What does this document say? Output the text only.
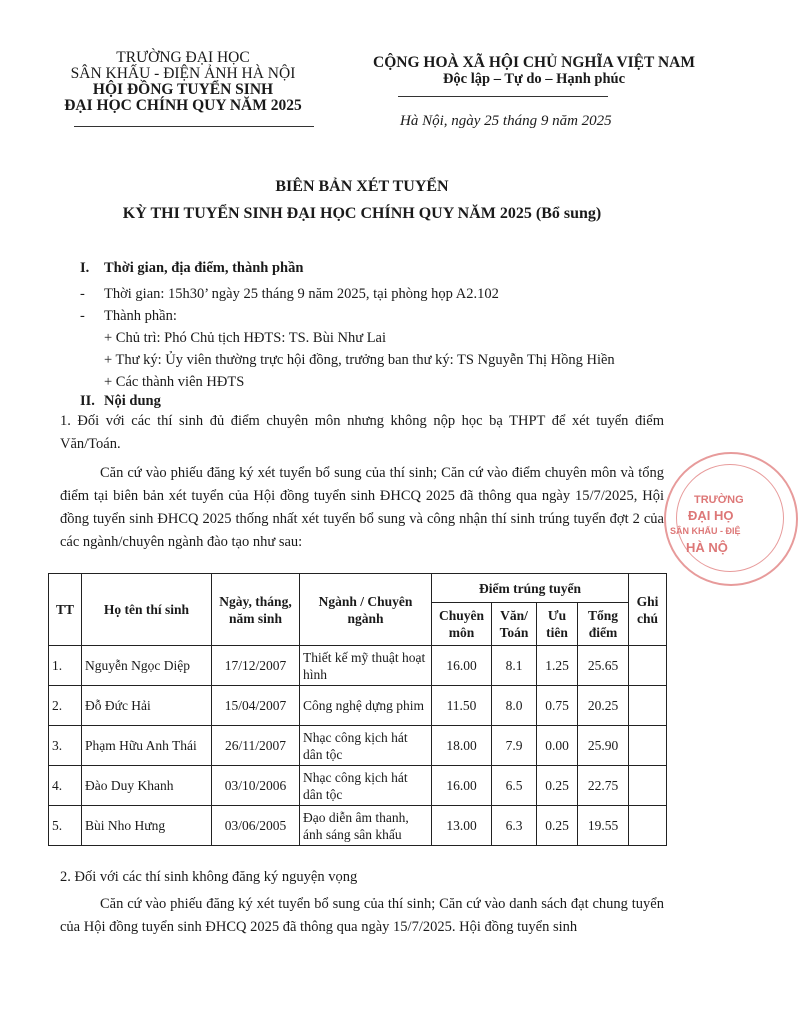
TRƯỜNG ĐẠI HỌC
SÂN KHẤU - ĐIỆN ẢNH HÀ NỘI
HỘI ĐỒNG TUYỂN SINH
ĐẠI HỌC CHÍNH QUY NĂM 2025
CỘNG HOÀ XÃ HỘI CHỦ NGHĨA VIỆT NAM
Độc lập – Tự do – Hạnh phúc
Hà Nội, ngày 25 tháng 9 năm 2025
BIÊN BẢN XÉT TUYỂN
KỲ THI TUYỂN SINH ĐẠI HỌC CHÍNH QUY NĂM 2025 (Bổ sung)
I. Thời gian, địa điểm, thành phần
- Thời gian: 15h30’ ngày 25 tháng 9 năm 2025, tại phòng họp A2.102
- Thành phần:
+ Chủ trì: Phó Chủ tịch HĐTS: TS. Bùi Như Lai
+ Thư ký: Ủy viên thường trực hội đồng, trưởng ban thư ký: TS Nguyễn Thị Hồng Hiền
+ Các thành viên HĐTS
II. Nội dung
1. Đối với các thí sinh đủ điểm chuyên môn nhưng không nộp học bạ THPT để xét tuyển điểm Văn/Toán.
Căn cứ vào phiếu đăng ký xét tuyển bổ sung của thí sinh; Căn cứ vào điểm chuyên môn và tổng điểm tại biên bản xét tuyển của Hội đồng tuyển sinh ĐHCQ 2025 đã thông qua ngày 15/7/2025, Hội đồng tuyển sinh ĐHCQ 2025 thống nhất xét tuyển bổ sung và công nhận thí sinh trúng tuyển đợt 2 của các ngành/chuyên ngành đào tạo như sau:
TT	Họ tên thí sinh	Ngày, tháng, năm sinh	Ngành / Chuyên ngành	Điểm trúng tuyển				Ghi chú
				Chuyên môn	Văn/ Toán	Ưu tiên	Tổng điểm	
1.	Nguyễn Ngọc Diệp	17/12/2007	Thiết kế mỹ thuật hoạt hình	16.00	8.1	1.25	25.65	
2.	Đỗ Đức Hải	15/04/2007	Công nghệ dựng phim	11.50	8.0	0.75	20.25	
3.	Phạm Hữu Anh Thái	26/11/2007	Nhạc công kịch hát dân tộc	18.00	7.9	0.00	25.90	
4.	Đào Duy Khanh	03/10/2006	Nhạc công kịch hát dân tộc	16.00	6.5	0.25	22.75	
5.	Bùi Nho Hưng	03/06/2005	Đạo diễn âm thanh, ánh sáng sân khấu	13.00	6.3	0.25	19.55	
2. Đối với các thí sinh không đăng ký nguyện vọng
Căn cứ vào phiếu đăng ký xét tuyển bổ sung của thí sinh; Căn cứ vào danh sách đạt chung tuyển của Hội đồng tuyển sinh ĐHCQ 2025 đã thông qua ngày 15/7/2025. Hội đồng tuyển sinh
TRƯỜNG
ĐẠI HỌ
SÂN KHẤU - ĐIỆ
HÀ NỘ
